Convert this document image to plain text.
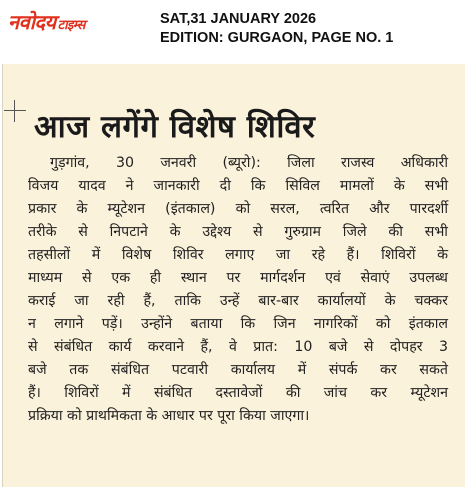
नवोदय टाइम्स	SAT,31 JANUARY 2026
EDITION: GURGAON, PAGE NO. 1
आज लगेंगे विशेष शिविर
गुड़गांव, 30 जनवरी (ब्यूरो): जिला राजस्व अधिकारी
विजय यादव ने जानकारी दी कि सिविल मामलों के सभी
प्रकार के म्यूटेशन (इंतकाल) को सरल, त्वरित और पारदर्शी
तरीके से निपटाने के उद्देश्य से गुरुग्राम जिले की सभी
तहसीलों में विशेष शिविर लगाए जा रहे हैं। शिविरों के
माध्यम से एक ही स्थान पर मार्गदर्शन एवं सेवाएं उपलब्ध
कराई जा रही हैं, ताकि उन्हें बार-बार कार्यालयों के चक्कर
न लगाने पड़ें। उन्होंने बताया कि जिन नागरिकों को इंतकाल
से संबंधित कार्य करवाने हैं, वे प्रात: 10 बजे से दोपहर 3
बजे तक संबंधित पटवारी कार्यालय में संपर्क कर सकते
हैं। शिविरों में संबंधित दस्तावेजों की जांच कर म्यूटेशन
प्रक्रिया को प्राथमिकता के आधार पर पूरा किया जाएगा।
